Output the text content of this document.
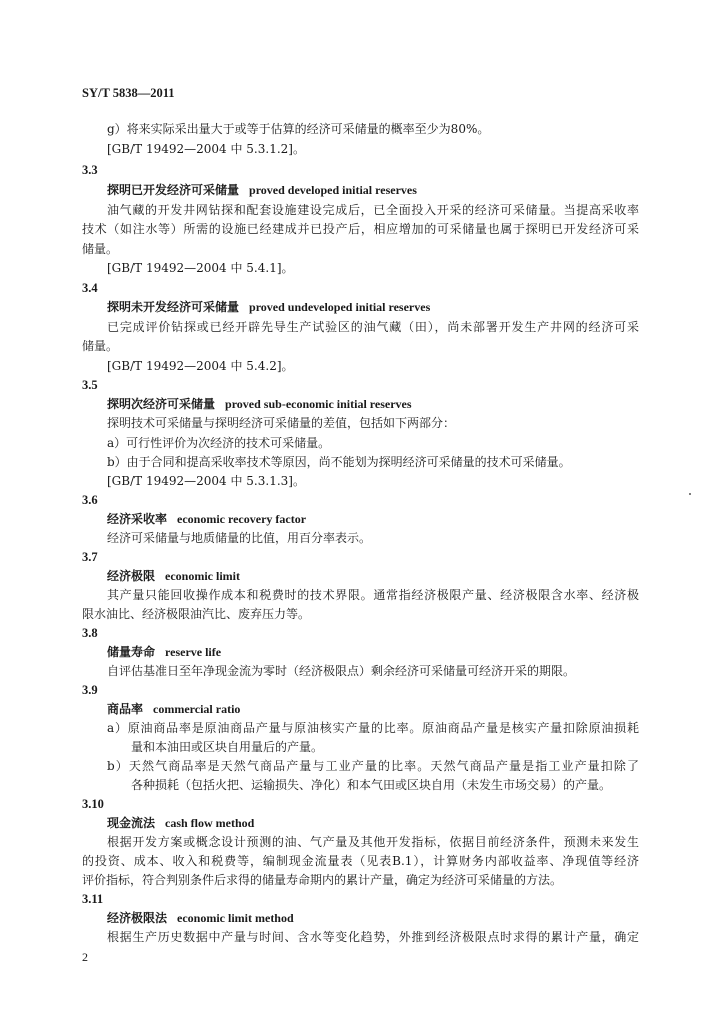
SY/T 5838—2011
g）将来实际采出量大于或等于估算的经济可采储量的概率至少为80%。
[GB/T 19492—2004 中 5.3.1.2]。
3.3
探明已开发经济可采储量 proved developed initial reserves
油气藏的开发井网钻探和配套设施建设完成后，已全面投入开采的经济可采储量。当提高采收率
技术（如注水等）所需的设施已经建成并已投产后，相应增加的可采储量也属于探明已开发经济可采
储量。
[GB/T 19492—2004 中 5.4.1]。
3.4
探明未开发经济可采储量 proved undeveloped initial reserves
已完成评价钻探或已经开辟先导生产试验区的油气藏（田），尚未部署开发生产井网的经济可采
储量。
[GB/T 19492—2004 中 5.4.2]。
3.5
探明次经济可采储量 proved sub-economic initial reserves
探明技术可采储量与探明经济可采储量的差值，包括如下两部分：
a）可行性评价为次经济的技术可采储量。
b）由于合同和提高采收率技术等原因，尚不能划为探明经济可采储量的技术可采储量。
[GB/T 19492—2004 中 5.3.1.3]。
3.6
经济采收率 economic recovery factor
经济可采储量与地质储量的比值，用百分率表示。
3.7
经济极限 economic limit
其产量只能回收操作成本和税费时的技术界限。通常指经济极限产量、经济极限含水率、经济极
限水油比、经济极限油汽比、废弃压力等。
3.8
储量寿命 reserve life
自评估基准日至年净现金流为零时（经济极限点）剩余经济可采储量可经济开采的期限。
3.9
商品率 commercial ratio
a）原油商品率是原油商品产量与原油核实产量的比率。原油商品产量是核实产量扣除原油损耗
量和本油田或区块自用量后的产量。
b）天然气商品率是天然气商品产量与工业产量的比率。天然气商品产量是指工业产量扣除了
各种损耗（包括火把、运输损失、净化）和本气田或区块自用（未发生市场交易）的产量。
3.10
现金流法 cash flow method
根据开发方案或概念设计预测的油、气产量及其他开发指标，依据目前经济条件，预测未来发生
的投资、成本、收入和税费等，编制现金流量表（见表B.1），计算财务内部收益率、净现值等经济
评价指标，符合判别条件后求得的储量寿命期内的累计产量，确定为经济可采储量的方法。
3.11
经济极限法 economic limit method
根据生产历史数据中产量与时间、含水等变化趋势，外推到经济极限点时求得的累计产量，确定
2
